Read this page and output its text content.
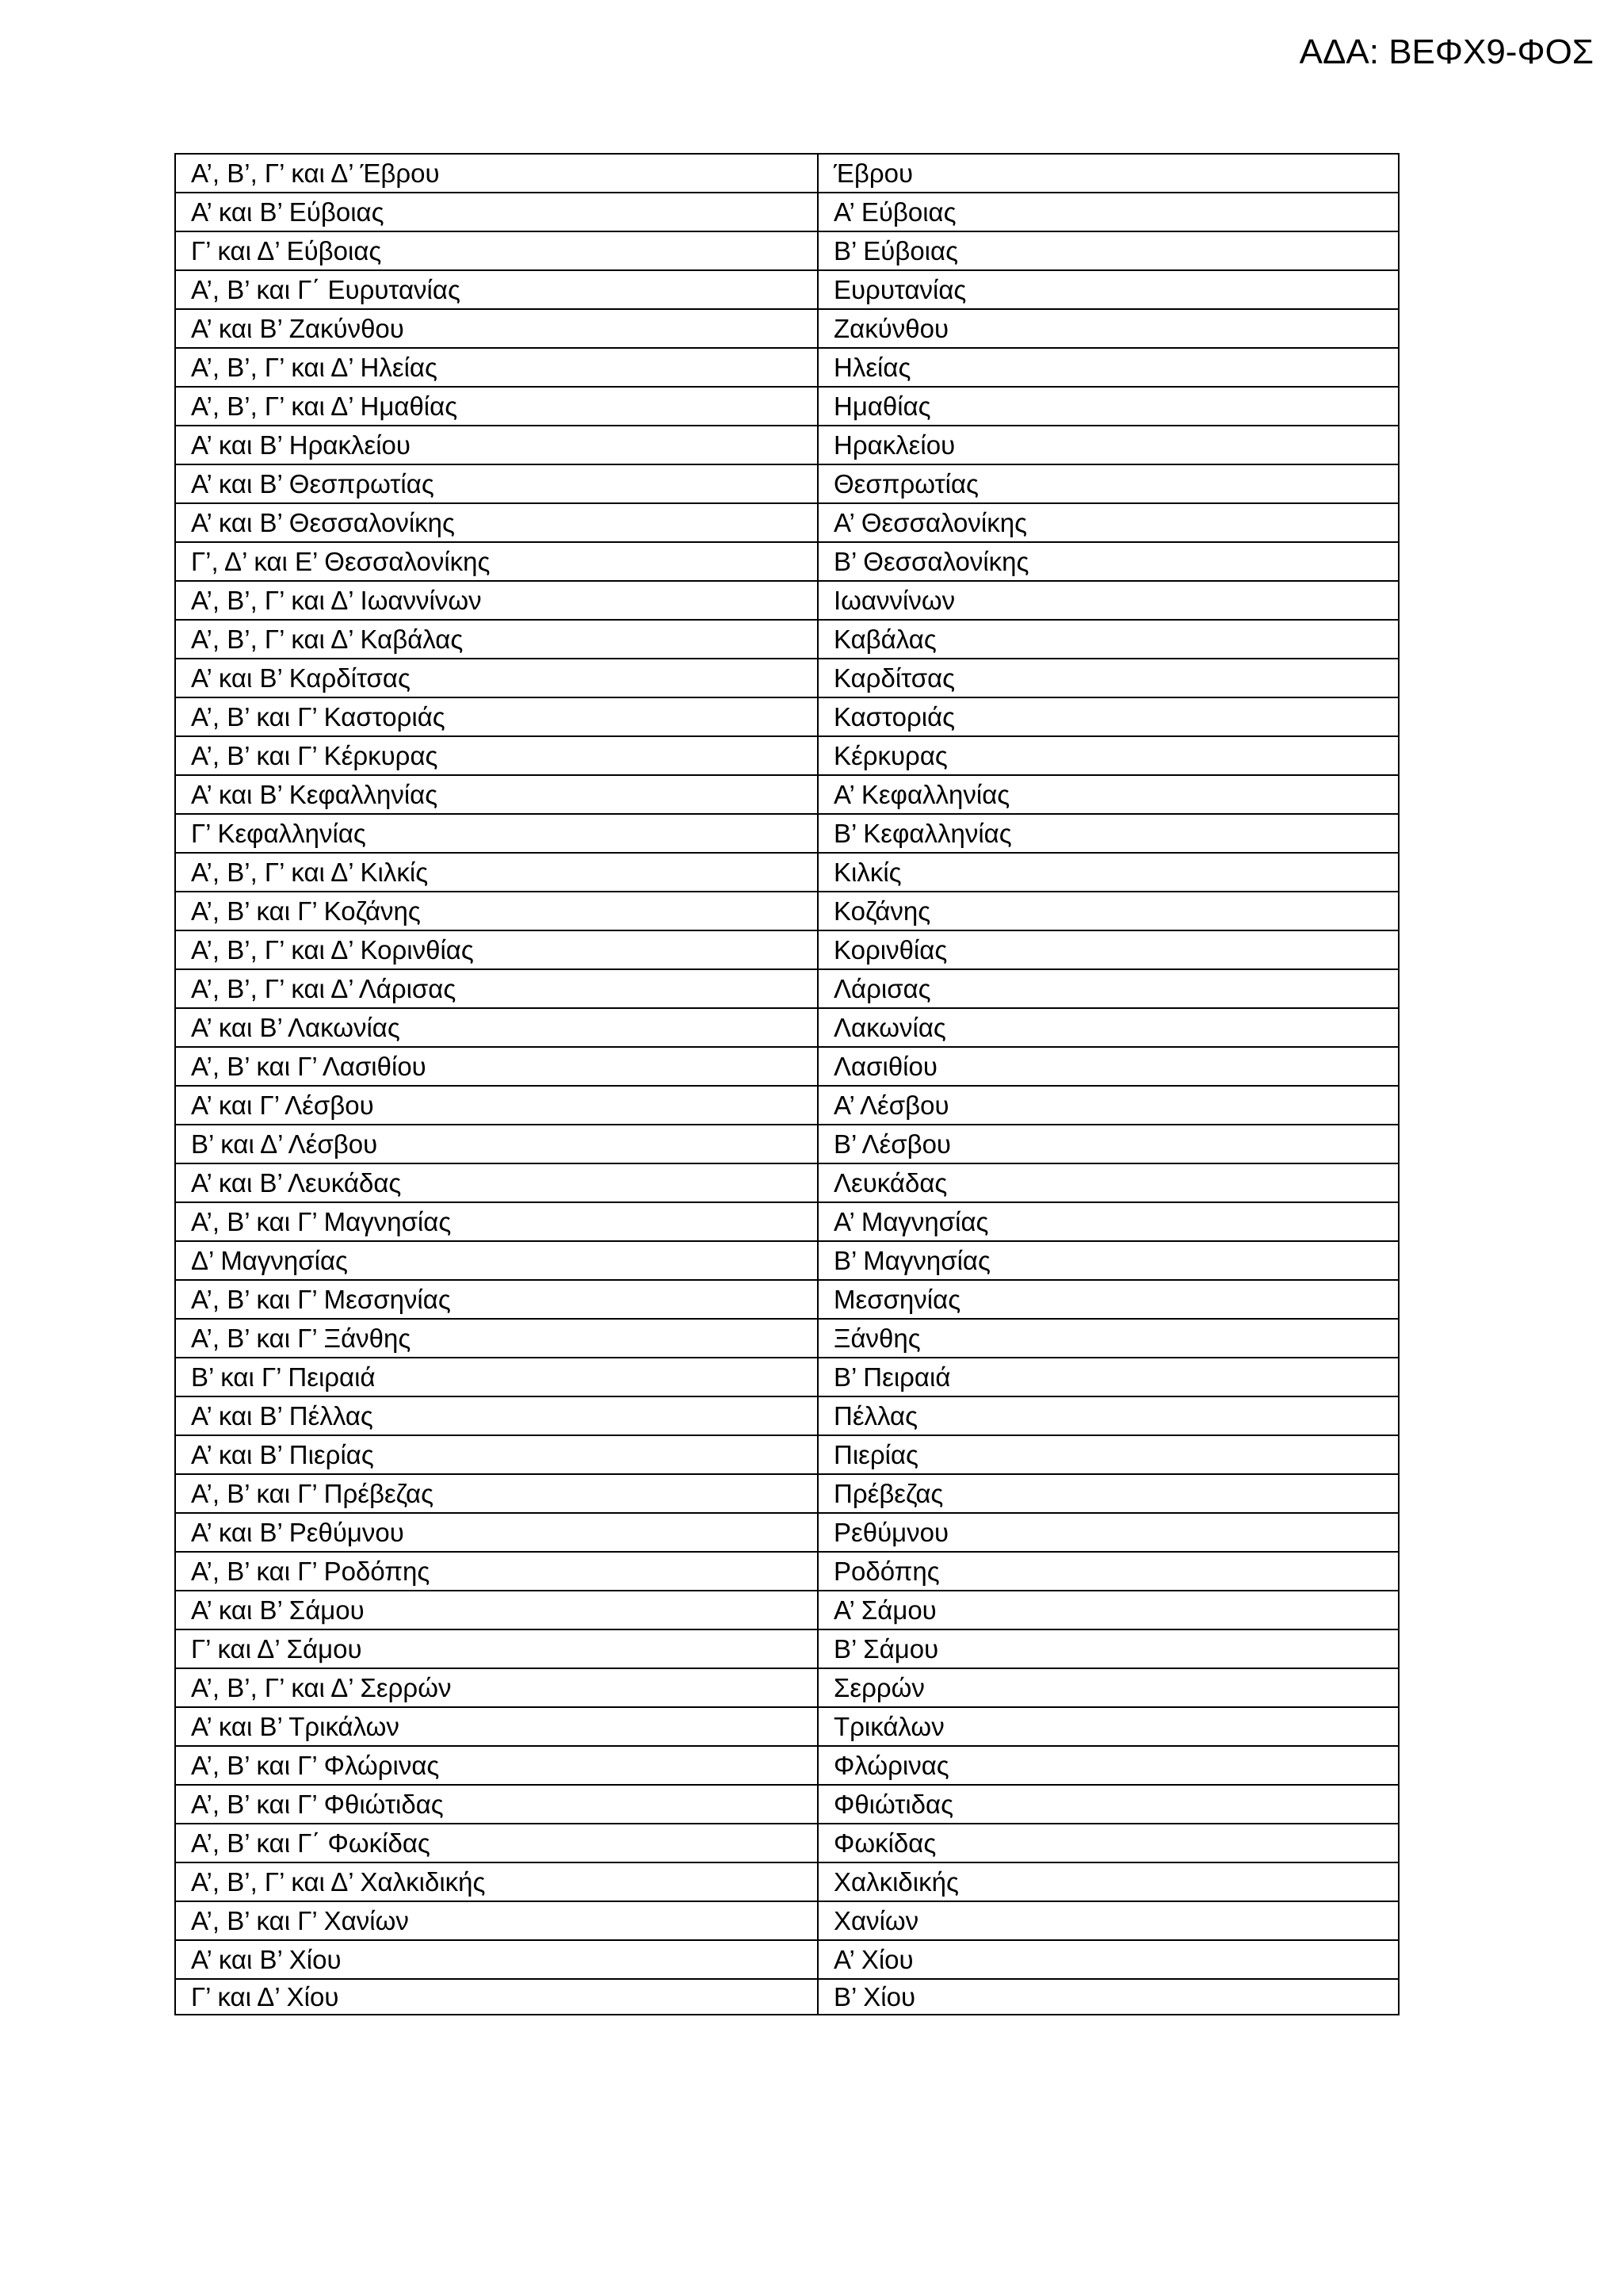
ΑΔΑ: ΒΕΦΧ9-ΦΟΣ
Α’, Β’, Γ’ και Δ’ Έβρου	Έβρου
Α’ και Β’ Εύβοιας	Α’ Εύβοιας
Γ’ και Δ’ Εύβοιας	Β’ Εύβοιας
Α’, Β’ και Γ΄ Ευρυτανίας	Ευρυτανίας
Α’ και Β’ Ζακύνθου	Ζακύνθου
Α’, Β’, Γ’ και Δ’ Ηλείας	Ηλείας
Α’, Β’, Γ’ και Δ’ Ημαθίας	Ημαθίας
Α’ και Β’ Ηρακλείου	Ηρακλείου
Α’ και Β’ Θεσπρωτίας	Θεσπρωτίας
Α’ και Β’ Θεσσαλονίκης	Α’ Θεσσαλονίκης
Γ’, Δ’ και Ε’ Θεσσαλονίκης	Β’ Θεσσαλονίκης
Α’, Β’, Γ’ και Δ’ Ιωαννίνων	Ιωαννίνων
Α’, Β’, Γ’ και Δ’ Καβάλας	Καβάλας
Α’ και Β’ Καρδίτσας	Καρδίτσας
Α’, Β’ και Γ’ Καστοριάς	Καστοριάς
Α’, Β’ και Γ’ Κέρκυρας	Κέρκυρας
Α’ και Β’ Κεφαλληνίας	Α’ Κεφαλληνίας
Γ’ Κεφαλληνίας	Β’ Κεφαλληνίας
Α’, Β’, Γ’ και Δ’ Κιλκίς	Κιλκίς
Α’, Β’ και Γ’ Κοζάνης	Κοζάνης
Α’, Β’, Γ’ και Δ’ Κορινθίας	Κορινθίας
Α’, Β’, Γ’ και Δ’ Λάρισας	Λάρισας
Α’ και Β’ Λακωνίας	Λακωνίας
Α’, Β’ και Γ’ Λασιθίου	Λασιθίου
Α’ και Γ’ Λέσβου	Α’ Λέσβου
Β’ και Δ’ Λέσβου	Β’ Λέσβου
Α’ και Β’ Λευκάδας	Λευκάδας
Α’, Β’ και Γ’ Μαγνησίας	Α’ Μαγνησίας
Δ’ Μαγνησίας	Β’ Μαγνησίας
Α’, Β’ και Γ’ Μεσσηνίας	Μεσσηνίας
Α’, Β’ και Γ’ Ξάνθης	Ξάνθης
Β’ και Γ’ Πειραιά	Β’ Πειραιά
Α’ και Β’ Πέλλας	Πέλλας
Α’ και Β’ Πιερίας	Πιερίας
Α’, Β’ και Γ’ Πρέβεζας	Πρέβεζας
Α’ και Β’ Ρεθύμνου	Ρεθύμνου
Α’, Β’ και Γ’ Ροδόπης	Ροδόπης
Α’ και Β’ Σάμου	Α’ Σάμου
Γ’ και Δ’ Σάμου	Β’ Σάμου
Α’, Β’, Γ’ και Δ’ Σερρών	Σερρών
Α’ και Β’ Τρικάλων	Τρικάλων
Α’, Β’ και Γ’ Φλώρινας	Φλώρινας
Α’, Β’ και Γ’ Φθιώτιδας	Φθιώτιδας
Α’, Β’ και Γ΄ Φωκίδας	Φωκίδας
Α’, Β’, Γ’ και Δ’ Χαλκιδικής	Χαλκιδικής
Α’, Β’ και Γ’ Χανίων	Χανίων
Α’ και Β’ Χίου	Α’ Χίου
Γ’ και Δ’ Χίου	Β’ Χίου
